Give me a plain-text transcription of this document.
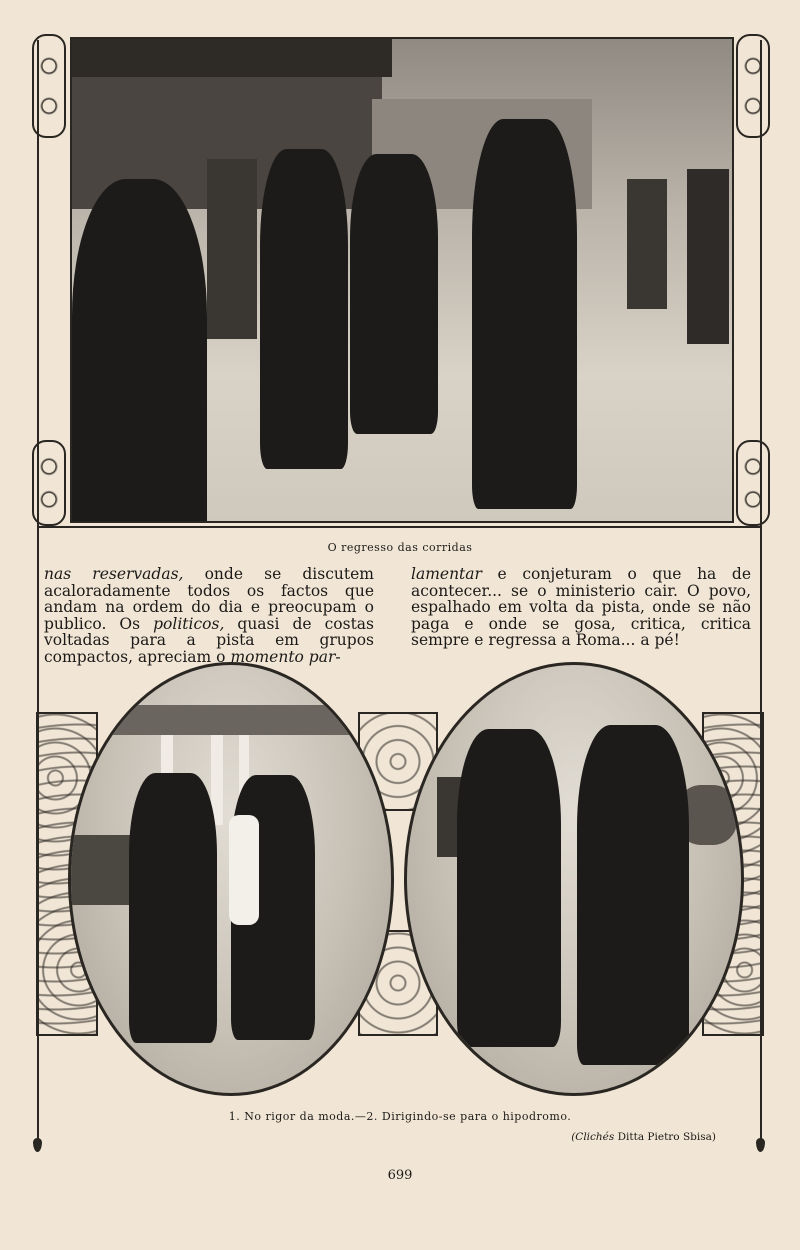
O regresso das corridas
nas reservadas, onde se discutem acaloradamente todos os factos que andam na ordem do dia e preocupam o publico. Os politicos, quasi de costas voltadas para a pista em grupos compactos, apreciam o momento par-
lamentar e conjeturam o que ha de acontecer... se o ministerio cair. O povo, espalhado em volta da pista, onde se não paga e onde se gosa, critica, critica sempre e regressa a Roma... a pé!
1. No rigor da moda.—2. Dirigindo-se para o hipodromo.
(Clichés Ditta Pietro Sbisa)
699
